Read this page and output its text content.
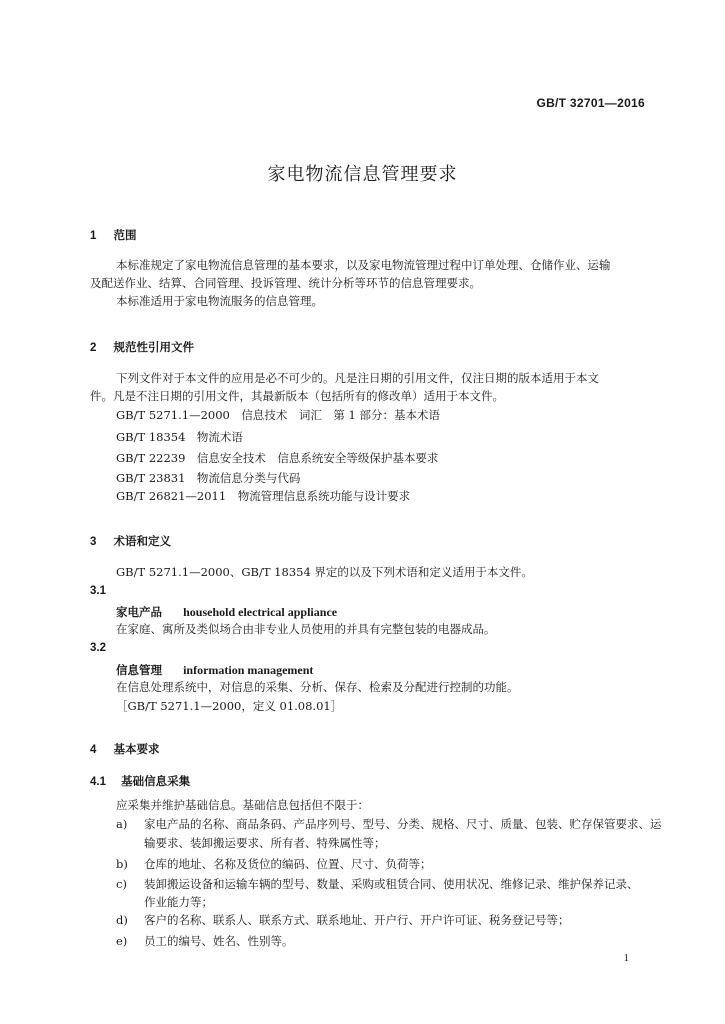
GB/T 32701—2016
家电物流信息管理要求
1 范围
本标准规定了家电物流信息管理的基本要求，以及家电物流管理过程中订单处理、仓储作业、运输
及配送作业、结算、合同管理、投诉管理、统计分析等环节的信息管理要求。
本标准适用于家电物流服务的信息管理。
2 规范性引用文件
下列文件对于本文件的应用是必不可少的。凡是注日期的引用文件，仅注日期的版本适用于本文
件。凡是不注日期的引用文件，其最新版本（包括所有的修改单）适用于本文件。
GB/T 5271.1—2000　信息技术　词汇　第 1 部分：基本术语
GB/T 18354　物流术语
GB/T 22239　信息安全技术　信息系统安全等级保护基本要求
GB/T 23831　物流信息分类与代码
GB/T 26821—2011　物流管理信息系统功能与设计要求
3 术语和定义
GB/T 5271.1—2000、GB/T 18354 界定的以及下列术语和定义适用于本文件。
3.1
家电产品 household electrical appliance
在家庭、寓所及类似场合由非专业人员使用的并具有完整包装的电器成品。
3.2
信息管理 information management
在信息处理系统中，对信息的采集、分析、保存、检索及分配进行控制的功能。
［GB/T 5271.1—2000，定义 01.08.01］
4 基本要求
4.1 基础信息采集
应采集并维护基础信息。基础信息包括但不限于：
a) 家电产品的名称、商品条码、产品序列号、型号、分类、规格、尺寸、质量、包装、贮存保管要求、运
输要求、装卸搬运要求、所有者、特殊属性等；
b) 仓库的地址、名称及货位的编码、位置、尺寸、负荷等；
c) 装卸搬运设备和运输车辆的型号、数量、采购或租赁合同、使用状况、维修记录、维护保养记录、
作业能力等；
d) 客户的名称、联系人、联系方式、联系地址、开户行、开户许可证、税务登记号等；
e) 员工的编号、姓名、性别等。
1
